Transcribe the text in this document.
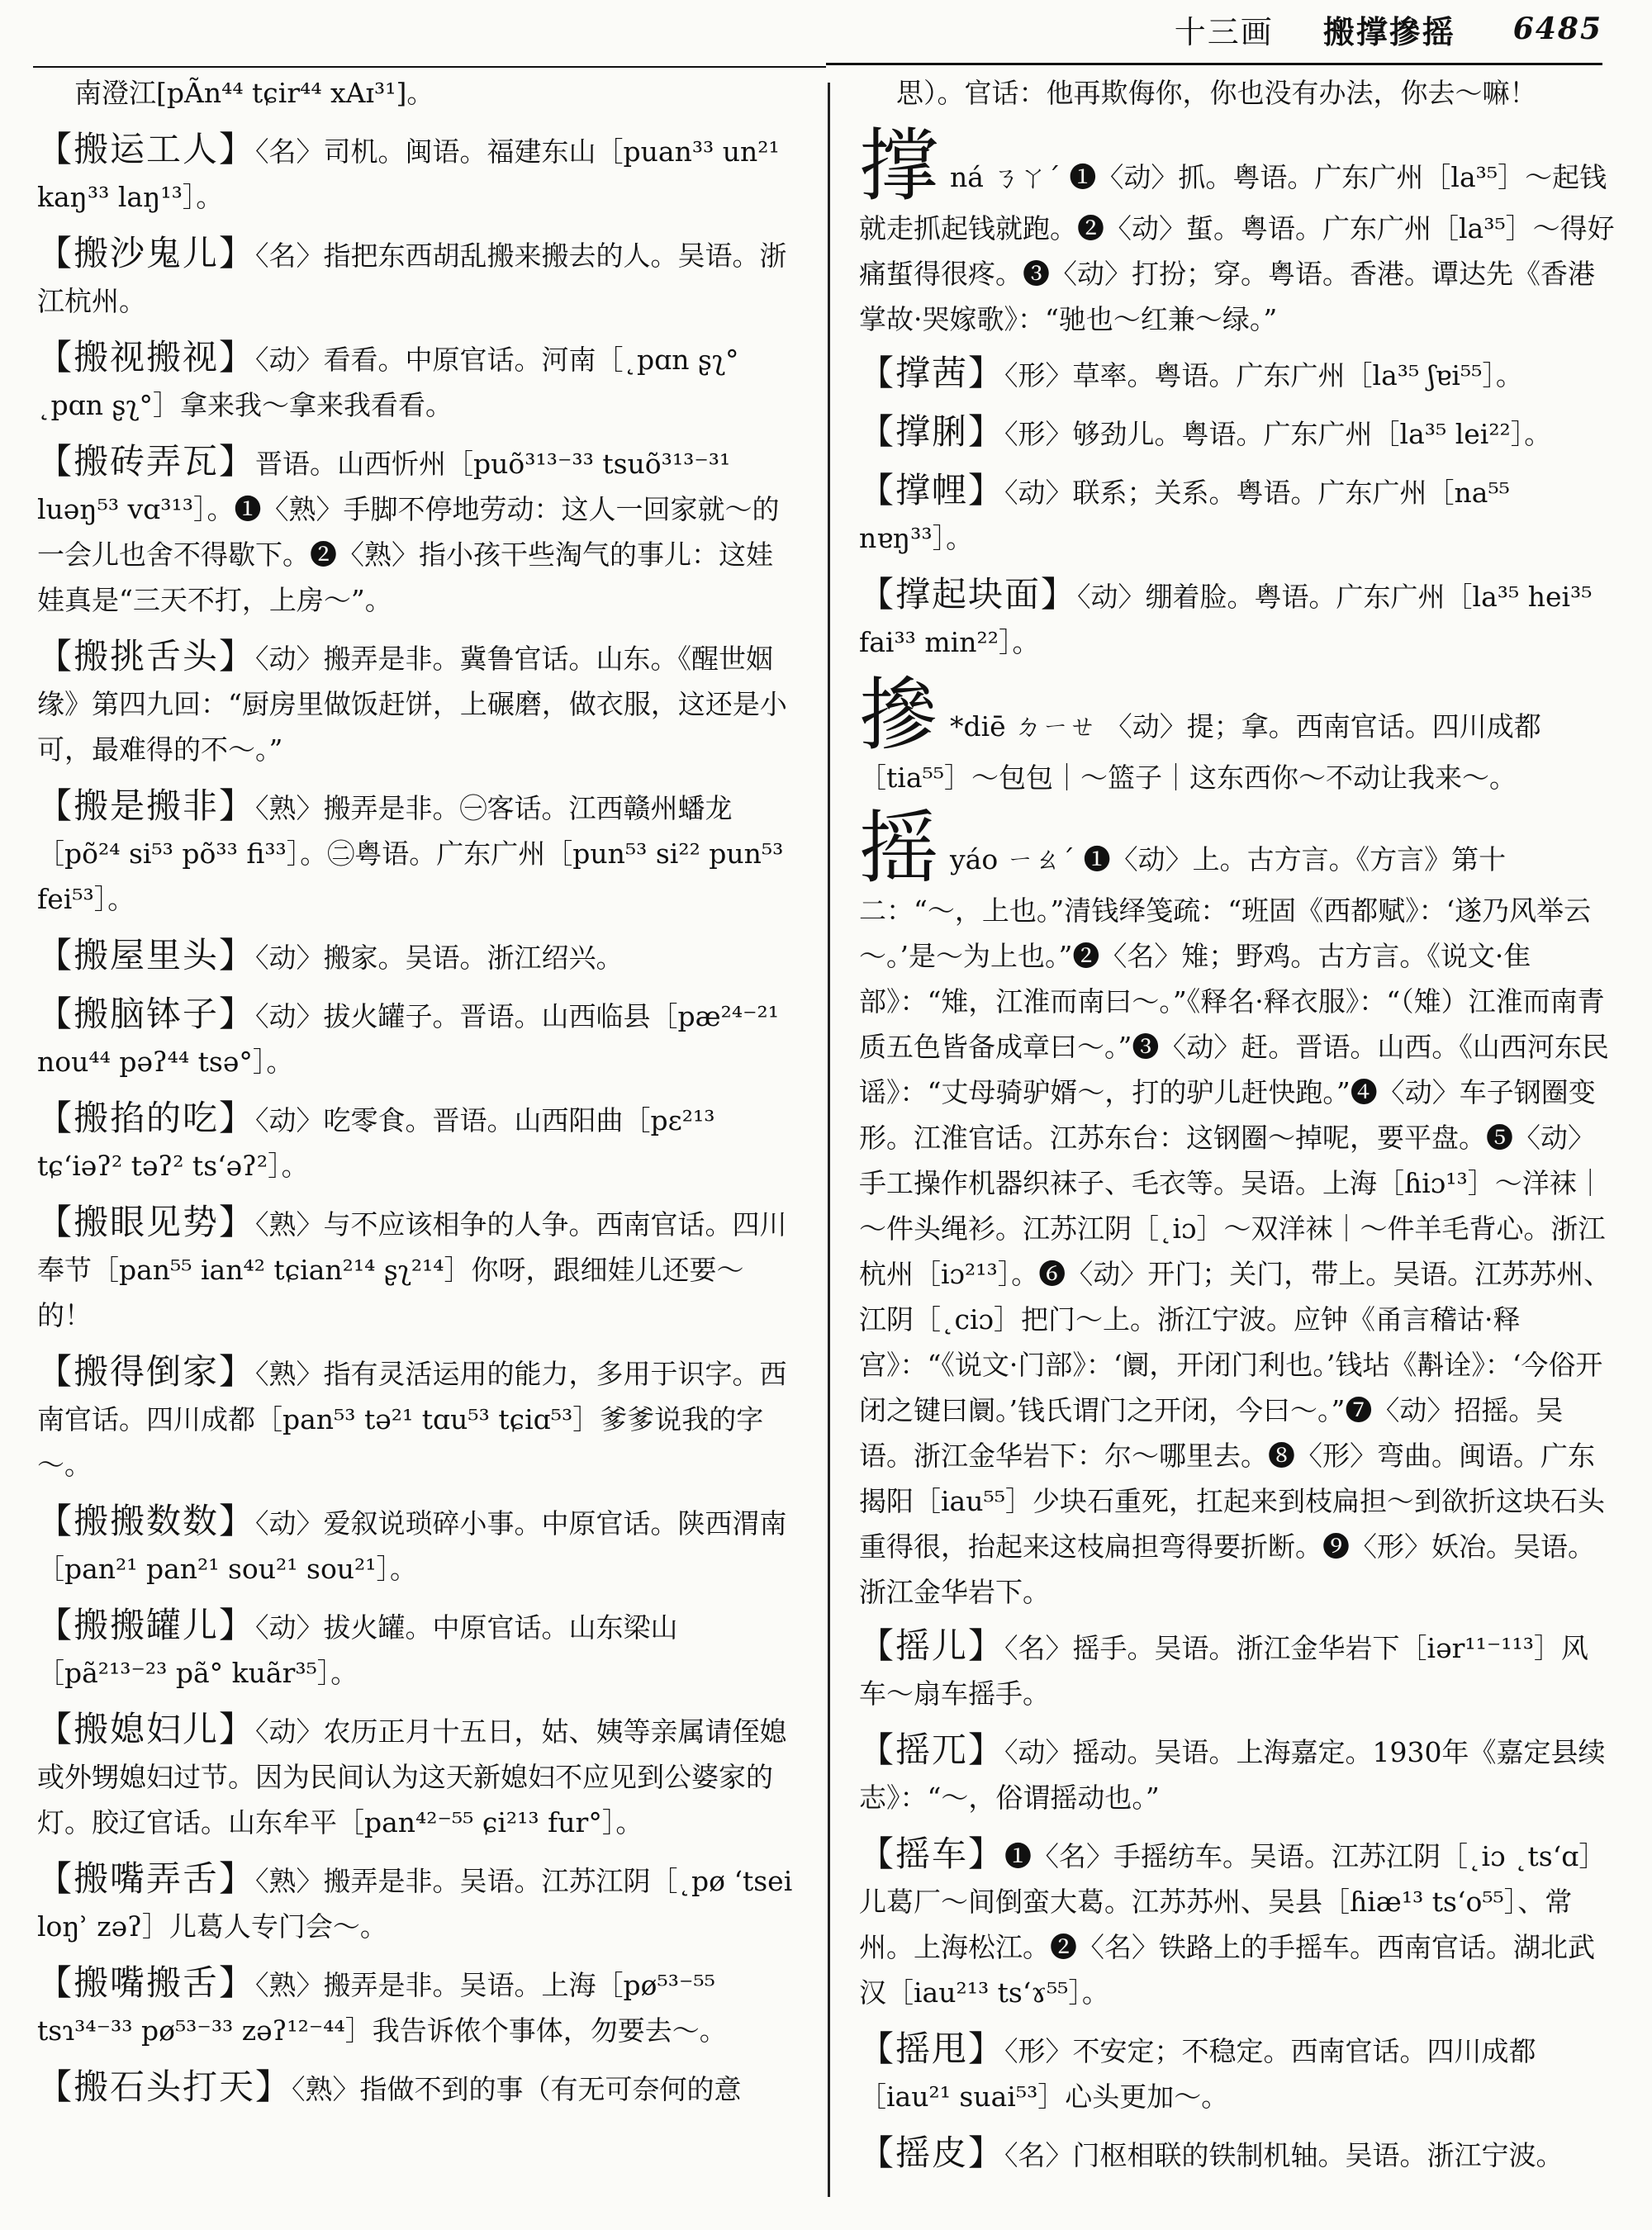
十三画 搬撑摻摇 6485
南澄江[pÃn⁴⁴ tɕir⁴⁴ xAɪ³¹]。
【搬运工人】〈名〉司机。闽语。福建东山［puan³³ un²¹ kaŋ³³ laŋ¹³］。
【搬沙鬼儿】〈名〉指把东西胡乱搬来搬去的人。吴语。浙江杭州。
【搬视搬视】〈动〉看看。中原官话。河南［˛pɑn ʂʅ° ˛pɑn ʂʅ°］拿来我～拿来我看看。
【搬砖弄瓦】晋语。山西忻州［puõ³¹³⁻³³ tsuõ³¹³⁻³¹ luəŋ⁵³ vɑ³¹³］。❶〈熟〉手脚不停地劳动：这人一回家就～的一会儿也舍不得歇下。❷〈熟〉指小孩干些淘气的事儿：这娃娃真是“三天不打，上房～”。
【搬挑舌头】〈动〉搬弄是非。冀鲁官话。山东。《醒世姻缘》第四九回：“厨房里做饭赶饼，上碾磨，做衣服，这还是小可，最难得的不～。”
【搬是搬非】〈熟〉搬弄是非。㊀客话。江西赣州蟠龙［põ²⁴ si⁵³ põ³³ fi³³］。㊁粤语。广东广州［pun⁵³ si²² pun⁵³ fei⁵³］。
【搬屋里头】〈动〉搬家。吴语。浙江绍兴。
【搬脑钵子】〈动〉拔火罐子。晋语。山西临县［pæ²⁴⁻²¹ nou⁴⁴ pəʔ⁴⁴ tsə°］。
【搬掐的吃】〈动〉吃零食。晋语。山西阳曲［pɛ²¹³ tɕʻiəʔ² təʔ² tsʻəʔ²］。
【搬眼见势】〈熟〉与不应该相争的人争。西南官话。四川奉节［pan⁵⁵ ian⁴² tɕian²¹⁴ ʂʅ²¹⁴］你呀，跟细娃儿还要～的！
【搬得倒家】〈熟〉指有灵活运用的能力，多用于识字。西南官话。四川成都［pan⁵³ tə²¹ tɑu⁵³ tɕiɑ⁵³］爹爹说我的字～。
【搬搬数数】〈动〉爱叙说琐碎小事。中原官话。陕西渭南［pan²¹ pan²¹ sou²¹ sou²¹］。
【搬搬罐儿】〈动〉拔火罐。中原官话。山东梁山［pã²¹³⁻²³ pã° kuãr³⁵］。
【搬媳妇儿】〈动〉农历正月十五日，姑、姨等亲属请侄媳或外甥媳妇过节。因为民间认为这天新媳妇不应见到公婆家的灯。胶辽官话。山东牟平［pan⁴²⁻⁵⁵ ɕi²¹³ fur°］。
【搬嘴弄舌】〈熟〉搬弄是非。吴语。江苏江阴［˛pø ʻtsei loŋʾ zəʔ］儿葛人专门会～。
【搬嘴搬舌】〈熟〉搬弄是非。吴语。上海［pø⁵³⁻⁵⁵ tsɿ³⁴⁻³³ pø⁵³⁻³³ zəʔ¹²⁻⁴⁴］我告诉侬个事体，勿要去～。
【搬石头打天】〈熟〉指做不到的事（有无可奈何的意
思）。官话：他再欺侮你，你也没有办法，你去～嘛！
撑ná ㄋㄚˊ ❶〈动〉抓。粤语。广东广州［la³⁵］～起钱就走抓起钱就跑。❷〈动〉蜇。粤语。广东广州［la³⁵］～得好痛蜇得很疼。❸〈动〉打扮；穿。粤语。香港。谭达先《香港掌故·哭嫁歌》：“驰也～红兼～绿。”
【撑茜】〈形〉草率。粤语。广东广州［la³⁵ ʃɐi⁵⁵］。
【撑脷】〈形〉够劲儿。粤语。广东广州［la³⁵ lei²²］。
【撑𢃇】〈动〉联系；关系。粤语。广东广州［na⁵⁵ nɐŋ³³］。
【撑起块面】〈动〉绷着脸。粤语。广东广州［la³⁵ hei³⁵ fai³³ min²²］。
摻 *diē ㄉㄧㄝ 〈动〉提；拿。西南官话。四川成都［tia⁵⁵］～包包｜～篮子｜这东西你～不动让我来～。
摇yáo ㄧㄠˊ ❶〈动〉上。古方言。《方言》第十二：“～，上也。”清钱绎笺疏：“班固《西都赋》：‘遂乃风举云～。’是～为上也。”❷〈名〉雉；野鸡。古方言。《说文·隹部》：“雉，江淮而南曰～。”《释名·释衣服》：“（雉）江淮而南青质五色皆备成章曰～。”❸〈动〉赶。晋语。山西。《山西河东民谣》：“丈母骑驴婿～，打的驴儿赶快跑。”❹〈动〉车子钢圈变形。江淮官话。江苏东台：这钢圈～掉呢，要平盘。❺〈动〉手工操作机器织袜子、毛衣等。吴语。上海［ɦiɔ¹³］～洋袜｜～件头绳衫。江苏江阴［˛iɔ］～双洋袜｜～件羊毛背心。浙江杭州［iɔ²¹³］。❻〈动〉开门；关门，带上。吴语。江苏苏州、江阴［˛ciɔ］把门～上。浙江宁波。应钟《甬言稽诂·释宫》：“《说文·门部》：‘阛，开闭门利也。’钱坫《斠诠》：‘今俗开闭之键曰阛。’钱氏谓门之开闭，今曰～。”❼〈动〉招摇。吴语。浙江金华岩下：尔～哪里去。❽〈形〉弯曲。闽语。广东揭阳［iau⁵⁵］少块石重死，扛起来到枝扁担～到欲折这块石头重得很，抬起来这枝扁担弯得要折断。❾〈形〉妖冶。吴语。浙江金华岩下。
【摇儿】〈名〉摇手。吴语。浙江金华岩下［iər¹¹⁻¹¹³］风车～扇车摇手。
【摇兀】〈动〉摇动。吴语。上海嘉定。1930年《嘉定县续志》：“～，俗谓摇动也。”
【摇车】❶〈名〉手摇纺车。吴语。江苏江阴［˛iɔ ˛tsʻɑ］儿葛厂～间倒蛮大葛。江苏苏州、吴县［ɦiæ¹³ tsʻo⁵⁵］、常州。上海松江。❷〈名〉铁路上的手摇车。西南官话。湖北武汉［iau²¹³ tsʻɤ⁵⁵］。
【摇甩】〈形〉不安定；不稳定。西南官话。四川成都［iau²¹ suai⁵³］心头更加～。
【摇皮】〈名〉门枢相联的铁制机轴。吴语。浙江宁波。
